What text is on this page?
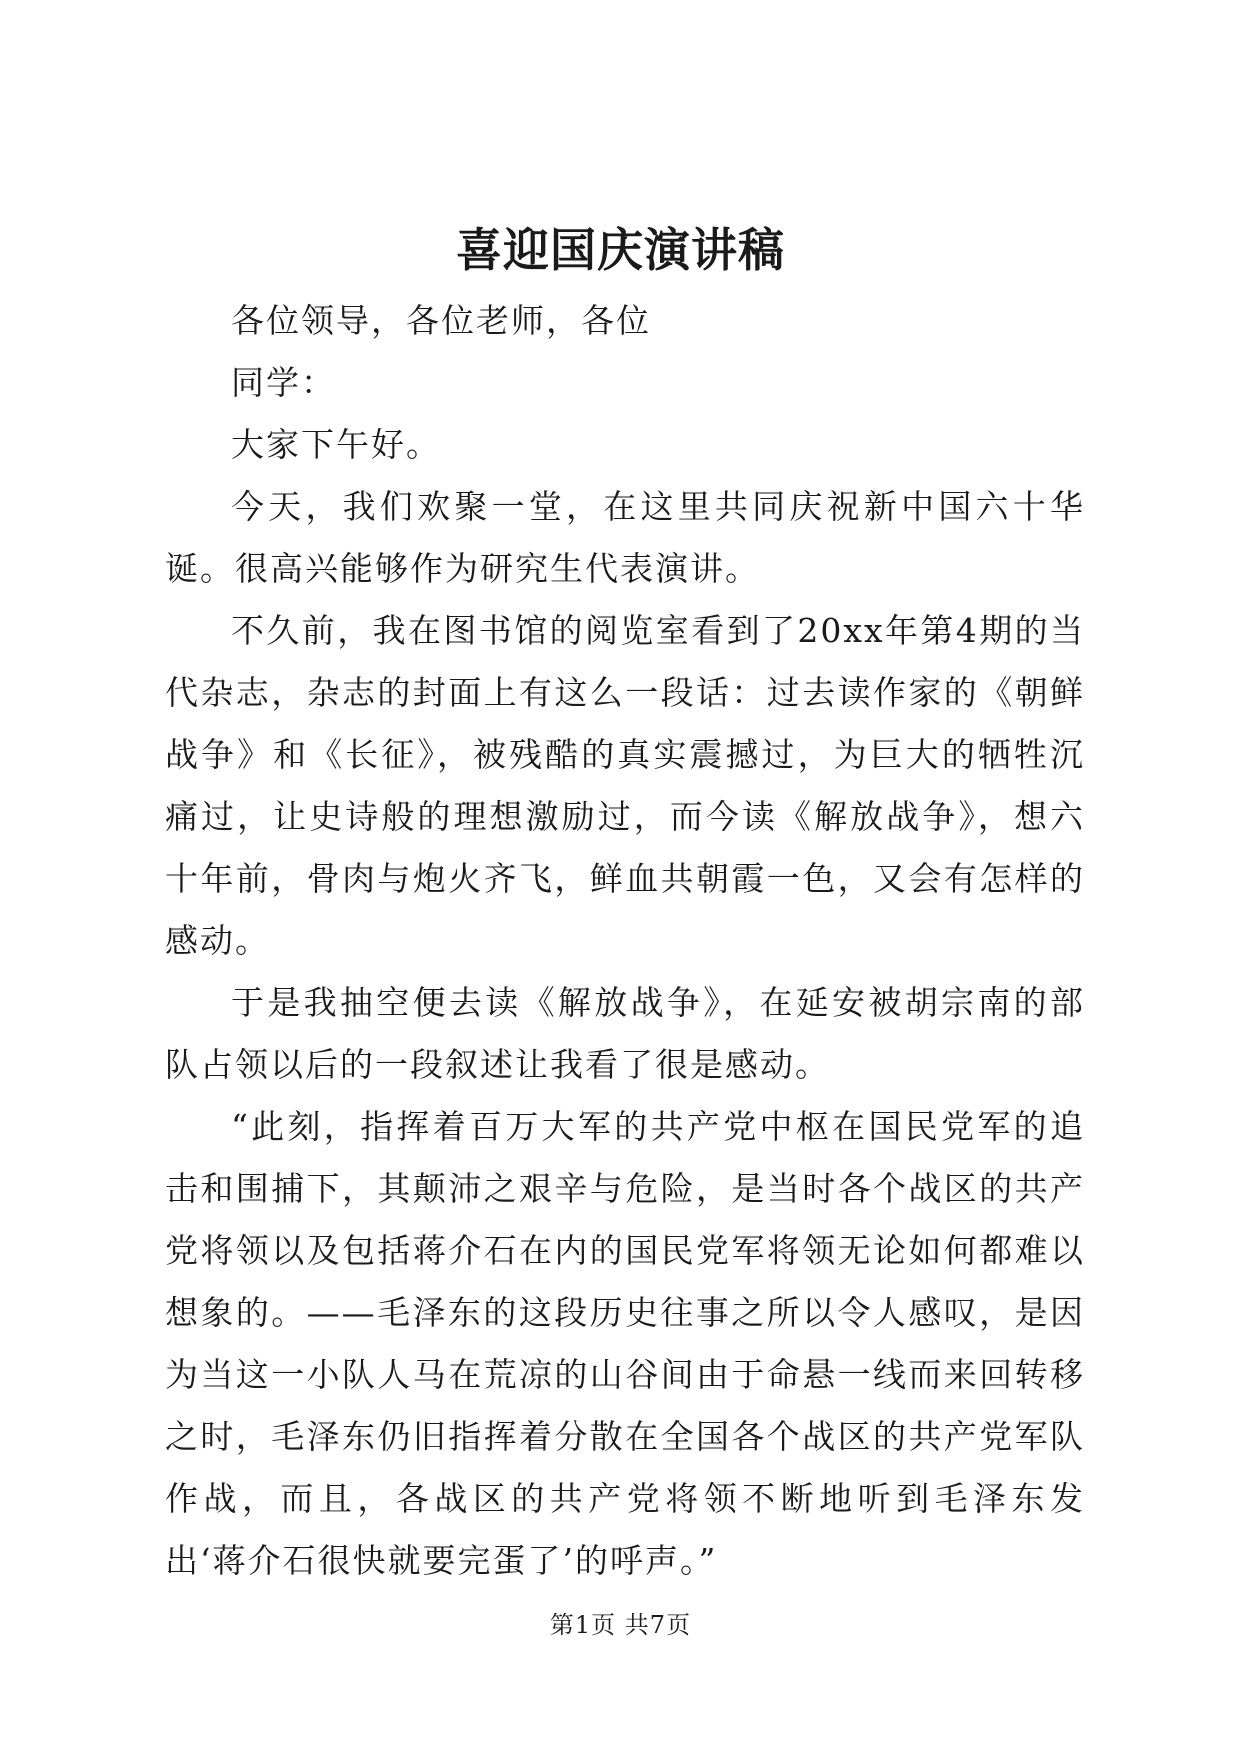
喜迎国庆演讲稿

各位领导，各位老师，各位

同学：

大家下午好。

今天，我们欢聚一堂，在这里共同庆祝新中国六十华诞。很高兴能够作为研究生代表演讲。

不久前，我在图书馆的阅览室看到了20xx年第4期的当代杂志，杂志的封面上有这么一段话：过去读作家的《朝鲜战争》和《长征》，被残酷的真实震撼过，为巨大的牺牲沉痛过，让史诗般的理想激励过，而今读《解放战争》，想六十年前，骨肉与炮火齐飞，鲜血共朝霞一色，又会有怎样的感动。

于是我抽空便去读《解放战争》，在延安被胡宗南的部队占领以后的一段叙述让我看了很是感动。

“此刻，指挥着百万大军的共产党中枢在国民党军的追击和围捕下，其颠沛之艰辛与危险，是当时各个战区的共产党将领以及包括蒋介石在内的国民党军将领无论如何都难以想象的。——毛泽东的这段历史往事之所以令人感叹，是因为当这一小队人马在荒凉的山谷间由于命悬一线而来回转移之时，毛泽东仍旧指挥着分散在全国各个战区的共产党军队作战，而且，各战区的共产党将领不断地听到毛泽东发出‘蒋介石很快就要完蛋了’的呼声。”

第1页 共7页
